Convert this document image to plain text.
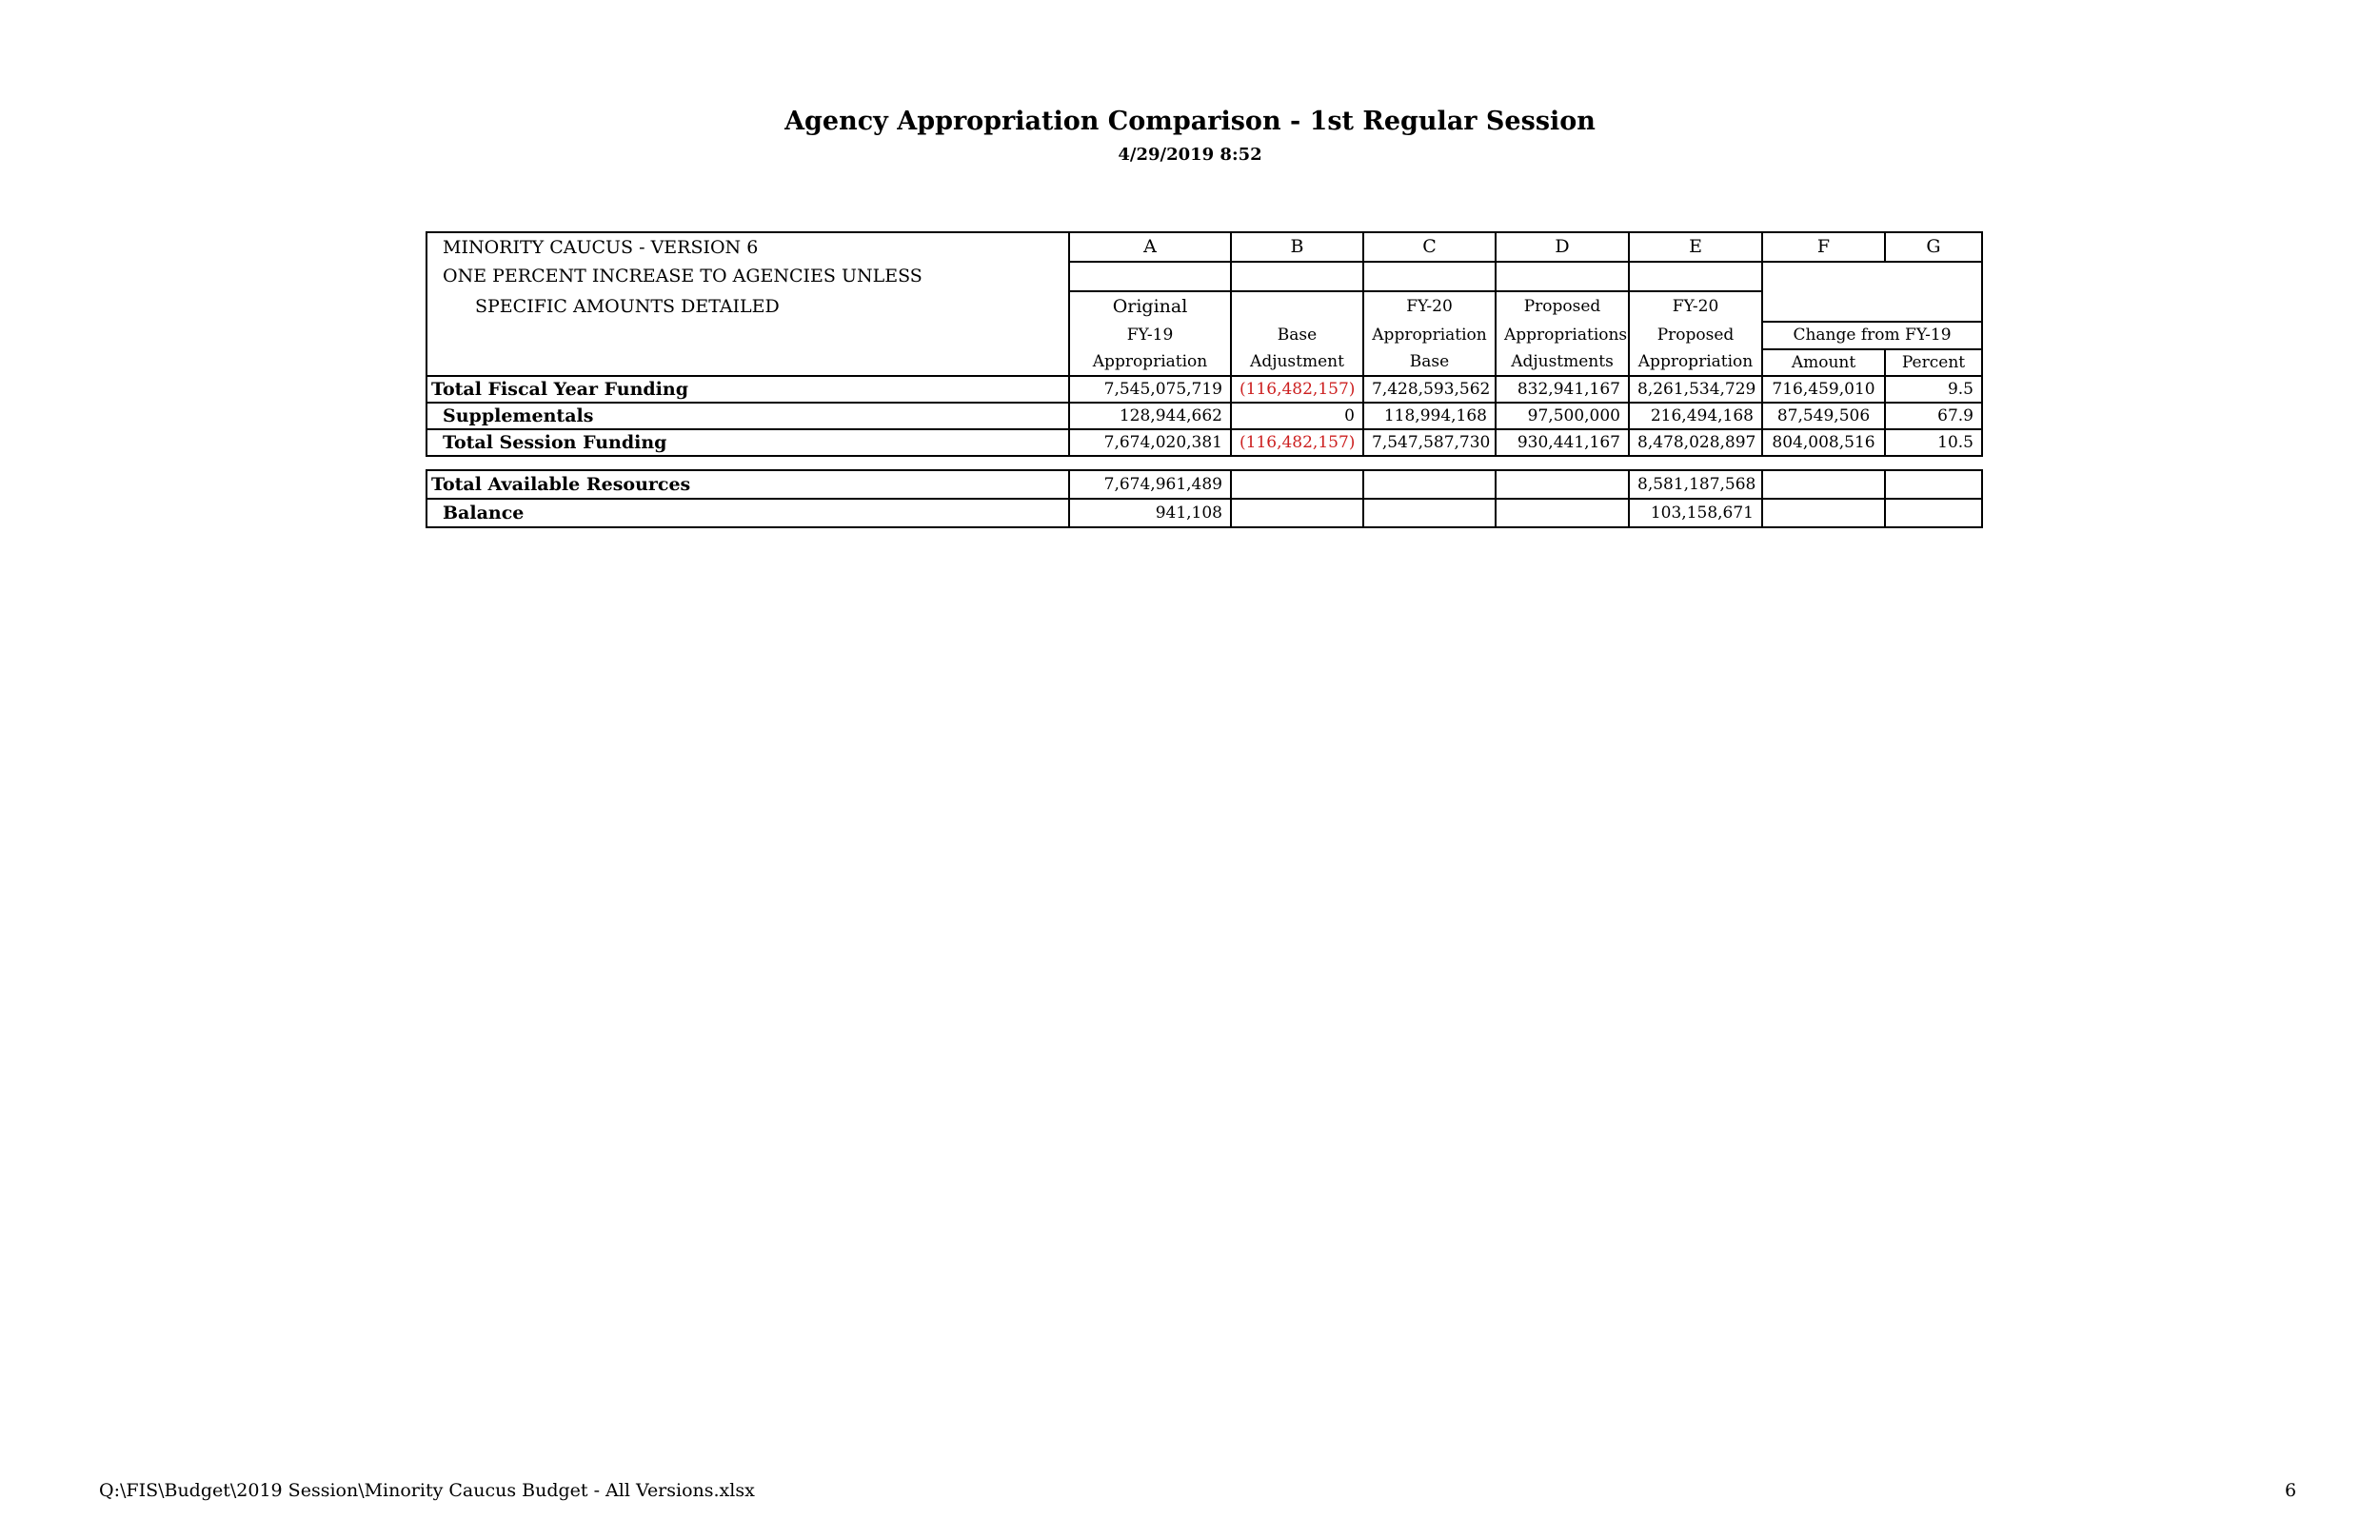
Agency Appropriation Comparison - 1st Regular Session
4/29/2019 8:52
MINORITY CAUCUS - VERSION 6	A	B	C	D	E	F	G
ONE PERCENT INCREASE TO AGENCIES UNLESS							
SPECIFIC AMOUNTS DETAILED	Original		FY-20	Proposed	FY-20		
	FY-19	Base	Appropriation	Appropriations	Proposed	Change from FY-19	
	Appropriation	Adjustment	Base	Adjustments	Appropriation	Amount	Percent
Total Fiscal Year Funding	7,545,075,719	(116,482,157)	7,428,593,562	832,941,167	8,261,534,729	716,459,010	9.5
Supplementals	128,944,662	0	118,994,168	97,500,000	216,494,168	87,549,506	67.9
Total Session Funding	7,674,020,381	(116,482,157)	7,547,587,730	930,441,167	8,478,028,897	804,008,516	10.5
Total Available Resources	7,674,961,489				8,581,187,568		
Balance	941,108				103,158,671		
Q:\FIS\Budget\2019 Session\Minority Caucus Budget - All Versions.xlsx	6
